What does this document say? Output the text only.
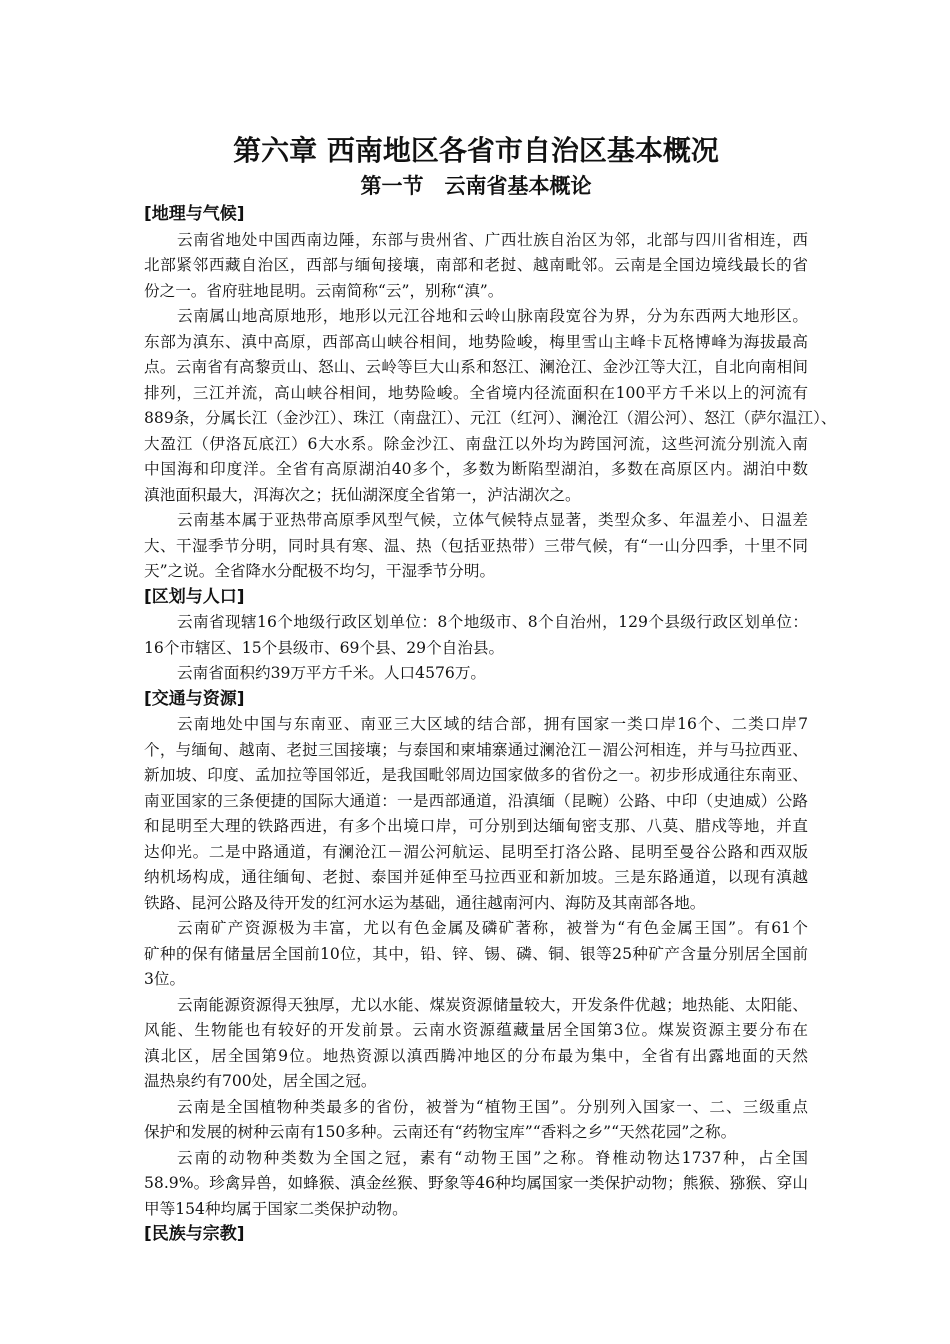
第六章 西南地区各省市自治区基本概况
第一节　云南省基本概论
[地理与气候]

云南省地处中国西南边陲，东部与贵州省、广西壮族自治区为邻，北部与四川省相连，西
北部紧邻西藏自治区，西部与缅甸接壤，南部和老挝、越南毗邻。云南是全国边境线最长的省
份之一。省府驻地昆明。云南简称“云”，别称“滇”。

云南属山地高原地形，地形以元江谷地和云岭山脉南段宽谷为界，分为东西两大地形区。
东部为滇东、滇中高原，西部高山峡谷相间，地势险峻，梅里雪山主峰卡瓦格博峰为海拔最高
点。云南省有高黎贡山、怒山、云岭等巨大山系和怒江、澜沧江、金沙江等大江，自北向南相间
排列，三江并流，高山峡谷相间，地势险峻。全省境内径流面积在100平方千米以上的河流有
889条，分属长江（金沙江）、珠江（南盘江）、元江（红河）、澜沧江（湄公河）、怒江（萨尔温江）、
大盈江（伊洛瓦底江）6大水系。除金沙江、南盘江以外均为跨国河流，这些河流分别流入南
中国海和印度洋。全省有高原湖泊40多个，多数为断陷型湖泊，多数在高原区内。湖泊中数
滇池面积最大，洱海次之；抚仙湖深度全省第一，泸沽湖次之。

云南基本属于亚热带高原季风型气候，立体气候特点显著，类型众多、年温差小、日温差
大、干湿季节分明，同时具有寒、温、热（包括亚热带）三带气候，有“一山分四季，十里不同
天”之说。全省降水分配极不均匀，干湿季节分明。

[区划与人口]

云南省现辖16个地级行政区划单位：8个地级市、8个自治州，129个县级行政区划单位：
16个市辖区、15个县级市、69个县、29个自治县。

云南省面积约39万平方千米。人口4576万。

[交通与资源]

云南地处中国与东南亚、南亚三大区域的结合部，拥有国家一类口岸16个、二类口岸7
个，与缅甸、越南、老挝三国接壤；与泰国和柬埔寨通过澜沧江－湄公河相连，并与马拉西亚、
新加坡、印度、孟加拉等国邻近，是我国毗邻周边国家做多的省份之一。初步形成通往东南亚、
南亚国家的三条便捷的国际大通道：一是西部通道，沿滇缅（昆畹）公路、中印（史迪威）公路
和昆明至大理的铁路西进，有多个出境口岸，可分别到达缅甸密支那、八莫、腊戍等地，并直
达仰光。二是中路通道，有澜沧江－湄公河航运、昆明至打洛公路、昆明至曼谷公路和西双版
纳机场构成，通往缅甸、老挝、泰国并延伸至马拉西亚和新加坡。三是东路通道，以现有滇越
铁路、昆河公路及待开发的红河水运为基础，通往越南河内、海防及其南部各地。

云南矿产资源极为丰富，尤以有色金属及磷矿著称，被誉为“有色金属王国”。有61个
矿种的保有储量居全国前10位，其中，铅、锌、锡、磷、铜、银等25种矿产含量分别居全国前
3位。

云南能源资源得天独厚，尤以水能、煤炭资源储量较大，开发条件优越；地热能、太阳能、
风能、生物能也有较好的开发前景。云南水资源蕴藏量居全国第3位。煤炭资源主要分布在
滇北区，居全国第9位。地热资源以滇西腾冲地区的分布最为集中，全省有出露地面的天然
温热泉约有700处，居全国之冠。

云南是全国植物种类最多的省份，被誉为“植物王国”。分别列入国家一、二、三级重点
保护和发展的树种云南有150多种。云南还有“药物宝库”“香料之乡”“天然花园”之称。

云南的动物种类数为全国之冠，素有“动物王国”之称。脊椎动物达1737种，占全国
58.9%。珍禽异兽，如蜂猴、滇金丝猴、野象等46种均属国家一类保护动物；熊猴、猕猴、穿山
甲等154种均属于国家二类保护动物。

[民族与宗教]
